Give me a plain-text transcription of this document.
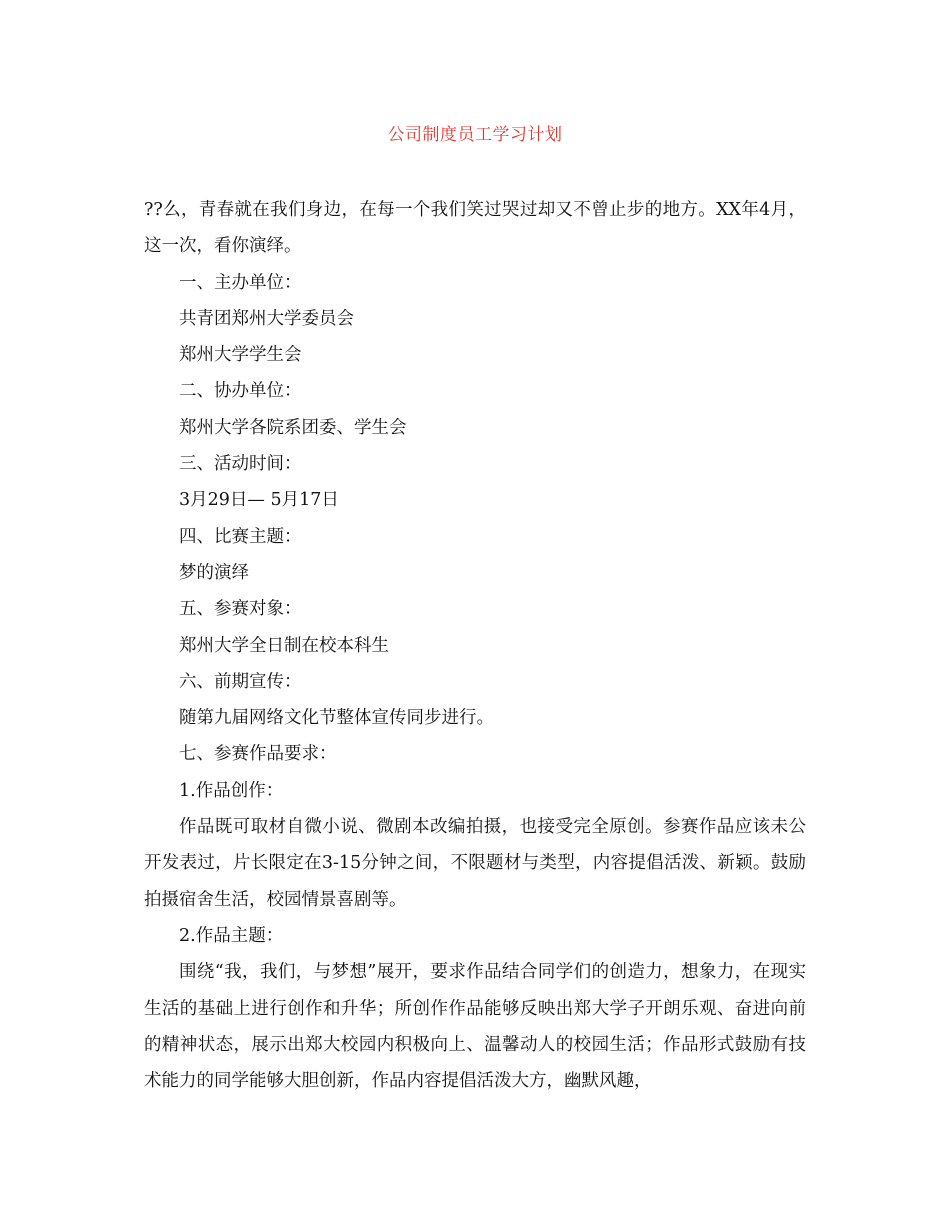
公司制度员工学习计划

??么，青春就在我们身边，在每一个我们笑过哭过却又不曾止步的地方。XX年4月，这一次，看你演绎。

一、主办单位：

共青团郑州大学委员会

郑州大学学生会

二、协办单位：

郑州大学各院系团委、学生会

三、活动时间：

3月29日— 5月17日

四、比赛主题：

梦的演绎

五、参赛对象：

郑州大学全日制在校本科生

六、前期宣传：

随第九届网络文化节整体宣传同步进行。

七、参赛作品要求：

1.作品创作：

作品既可取材自微小说、微剧本改编拍摄，也接受完全原创。参赛作品应该未公开发表过，片长限定在3-15分钟之间，不限题材与类型，内容提倡活泼、新颖。鼓励拍摄宿舍生活，校园情景喜剧等。

2.作品主题：

围绕“我，我们，与梦想”展开，要求作品结合同学们的创造力，想象力，在现实生活的基础上进行创作和升华；所创作作品能够反映出郑大学子开朗乐观、奋进向前的精神状态，展示出郑大校园内积极向上、温馨动人的校园生活；作品形式鼓励有技术能力的同学能够大胆创新，作品内容提倡活泼大方，幽默风趣，
